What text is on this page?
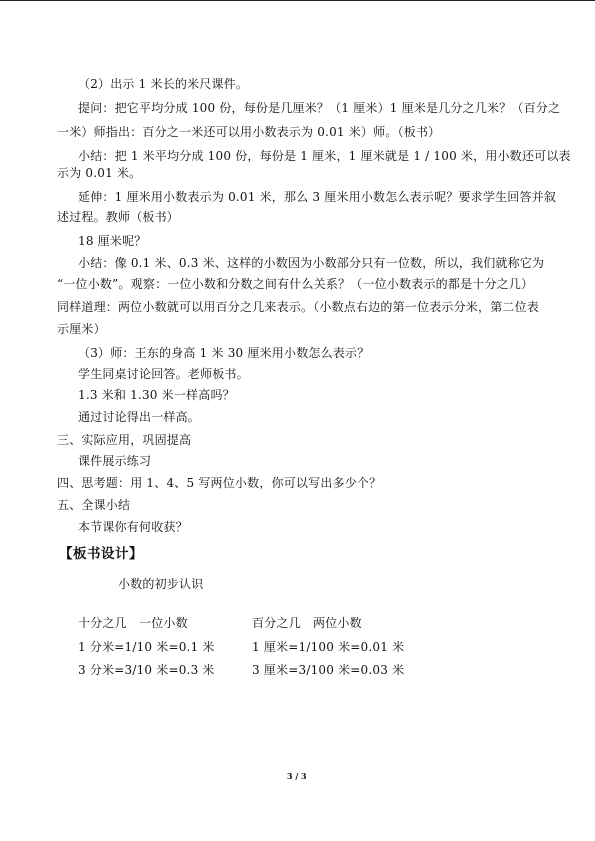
（2）出示 1 米长的米尺课件。
提问：把它平均分成 100 份，每份是几厘米？（1 厘米）1 厘米是几分之几米？（百分之
一米）师指出：百分之一米还可以用小数表示为 0.01 米）师。（板书）
小结：把 1 米平均分成 100 份，每份是 1 厘米，1 厘米就是 1 / 100 米，用小数还可以表
示为 0.01 米。
延伸：1 厘米用小数表示为 0.01 米，那么 3 厘米用小数怎么表示呢？要求学生回答并叙
述过程。教师（板书）
18 厘米呢？
小结：像 0.1 米、0.3 米、这样的小数因为小数部分只有一位数，所以，我们就称它为
“一位小数”。观察：一位小数和分数之间有什么关系？（一位小数表示的都是十分之几）
同样道理：两位小数就可以用百分之几来表示。（小数点右边的第一位表示分米，第二位表
示厘米）
（3）师：王东的身高 1 米 30 厘米用小数怎么表示？
学生同桌讨论回答。老师板书。
1.3 米和 1.30 米一样高吗？
通过讨论得出一样高。
三、实际应用，巩固提高
课件展示练习
四、思考题：用 1、4、5 写两位小数，你可以写出多少个？
五、全课小结
本节课你有何收获？
【板书设计】
小数的初步认识
十分之几　一位小数	百分之几　两位小数
1 分米=1/10 米=0.1 米	1 厘米=1/100 米=0.01 米
3 分米=3/10 米=0.3 米	3 厘米=3/100 米=0.03 米
3 / 3
